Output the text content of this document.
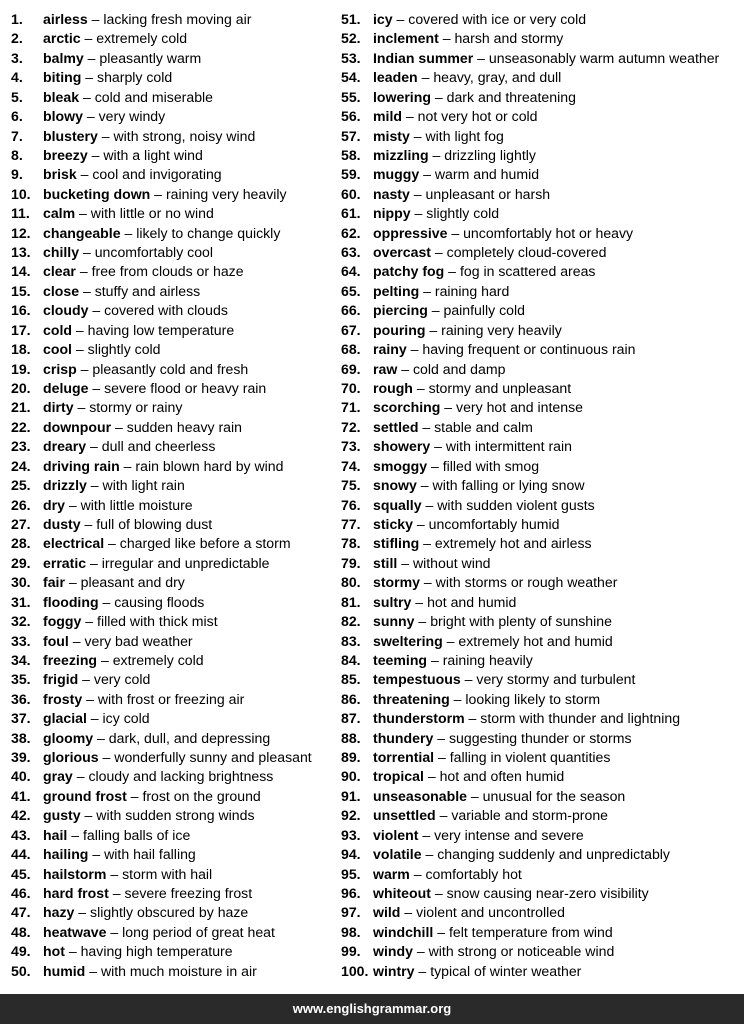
1. airless – lacking fresh moving air
2. arctic – extremely cold
3. balmy – pleasantly warm
4. biting – sharply cold
5. bleak – cold and miserable
6. blowy – very windy
7. blustery – with strong, noisy wind
8. breezy – with a light wind
9. brisk – cool and invigorating
10. bucketing down – raining very heavily
11. calm – with little or no wind
12. changeable – likely to change quickly
13. chilly – uncomfortably cool
14. clear – free from clouds or haze
15. close – stuffy and airless
16. cloudy – covered with clouds
17. cold – having low temperature
18. cool – slightly cold
19. crisp – pleasantly cold and fresh
20. deluge – severe flood or heavy rain
21. dirty – stormy or rainy
22. downpour – sudden heavy rain
23. dreary – dull and cheerless
24. driving rain – rain blown hard by wind
25. drizzly – with light rain
26. dry – with little moisture
27. dusty – full of blowing dust
28. electrical – charged like before a storm
29. erratic – irregular and unpredictable
30. fair – pleasant and dry
31. flooding – causing floods
32. foggy – filled with thick mist
33. foul – very bad weather
34. freezing – extremely cold
35. frigid – very cold
36. frosty – with frost or freezing air
37. glacial – icy cold
38. gloomy – dark, dull, and depressing
39. glorious – wonderfully sunny and pleasant
40. gray – cloudy and lacking brightness
41. ground frost – frost on the ground
42. gusty – with sudden strong winds
43. hail – falling balls of ice
44. hailing – with hail falling
45. hailstorm – storm with hail
46. hard frost – severe freezing frost
47. hazy – slightly obscured by haze
48. heatwave – long period of great heat
49. hot – having high temperature
50. humid – with much moisture in air
51. icy – covered with ice or very cold
52. inclement – harsh and stormy
53. Indian summer – unseasonably warm autumn weather
54. leaden – heavy, gray, and dull
55. lowering – dark and threatening
56. mild – not very hot or cold
57. misty – with light fog
58. mizzling – drizzling lightly
59. muggy – warm and humid
60. nasty – unpleasant or harsh
61. nippy – slightly cold
62. oppressive – uncomfortably hot or heavy
63. overcast – completely cloud-covered
64. patchy fog – fog in scattered areas
65. pelting – raining hard
66. piercing – painfully cold
67. pouring – raining very heavily
68. rainy – having frequent or continuous rain
69. raw – cold and damp
70. rough – stormy and unpleasant
71. scorching – very hot and intense
72. settled – stable and calm
73. showery – with intermittent rain
74. smoggy – filled with smog
75. snowy – with falling or lying snow
76. squally – with sudden violent gusts
77. sticky – uncomfortably humid
78. stifling – extremely hot and airless
79. still – without wind
80. stormy – with storms or rough weather
81. sultry – hot and humid
82. sunny – bright with plenty of sunshine
83. sweltering – extremely hot and humid
84. teeming – raining heavily
85. tempestuous – very stormy and turbulent
86. threatening – looking likely to storm
87. thunderstorm – storm with thunder and lightning
88. thundery – suggesting thunder or storms
89. torrential – falling in violent quantities
90. tropical – hot and often humid
91. unseasonable – unusual for the season
92. unsettled – variable and storm-prone
93. violent – very intense and severe
94. volatile – changing suddenly and unpredictably
95. warm – comfortably hot
96. whiteout – snow causing near-zero visibility
97. wild – violent and uncontrolled
98. windchill – felt temperature from wind
99. windy – with strong or noticeable wind
100. wintry – typical of winter weather
www.englishgrammar.org
